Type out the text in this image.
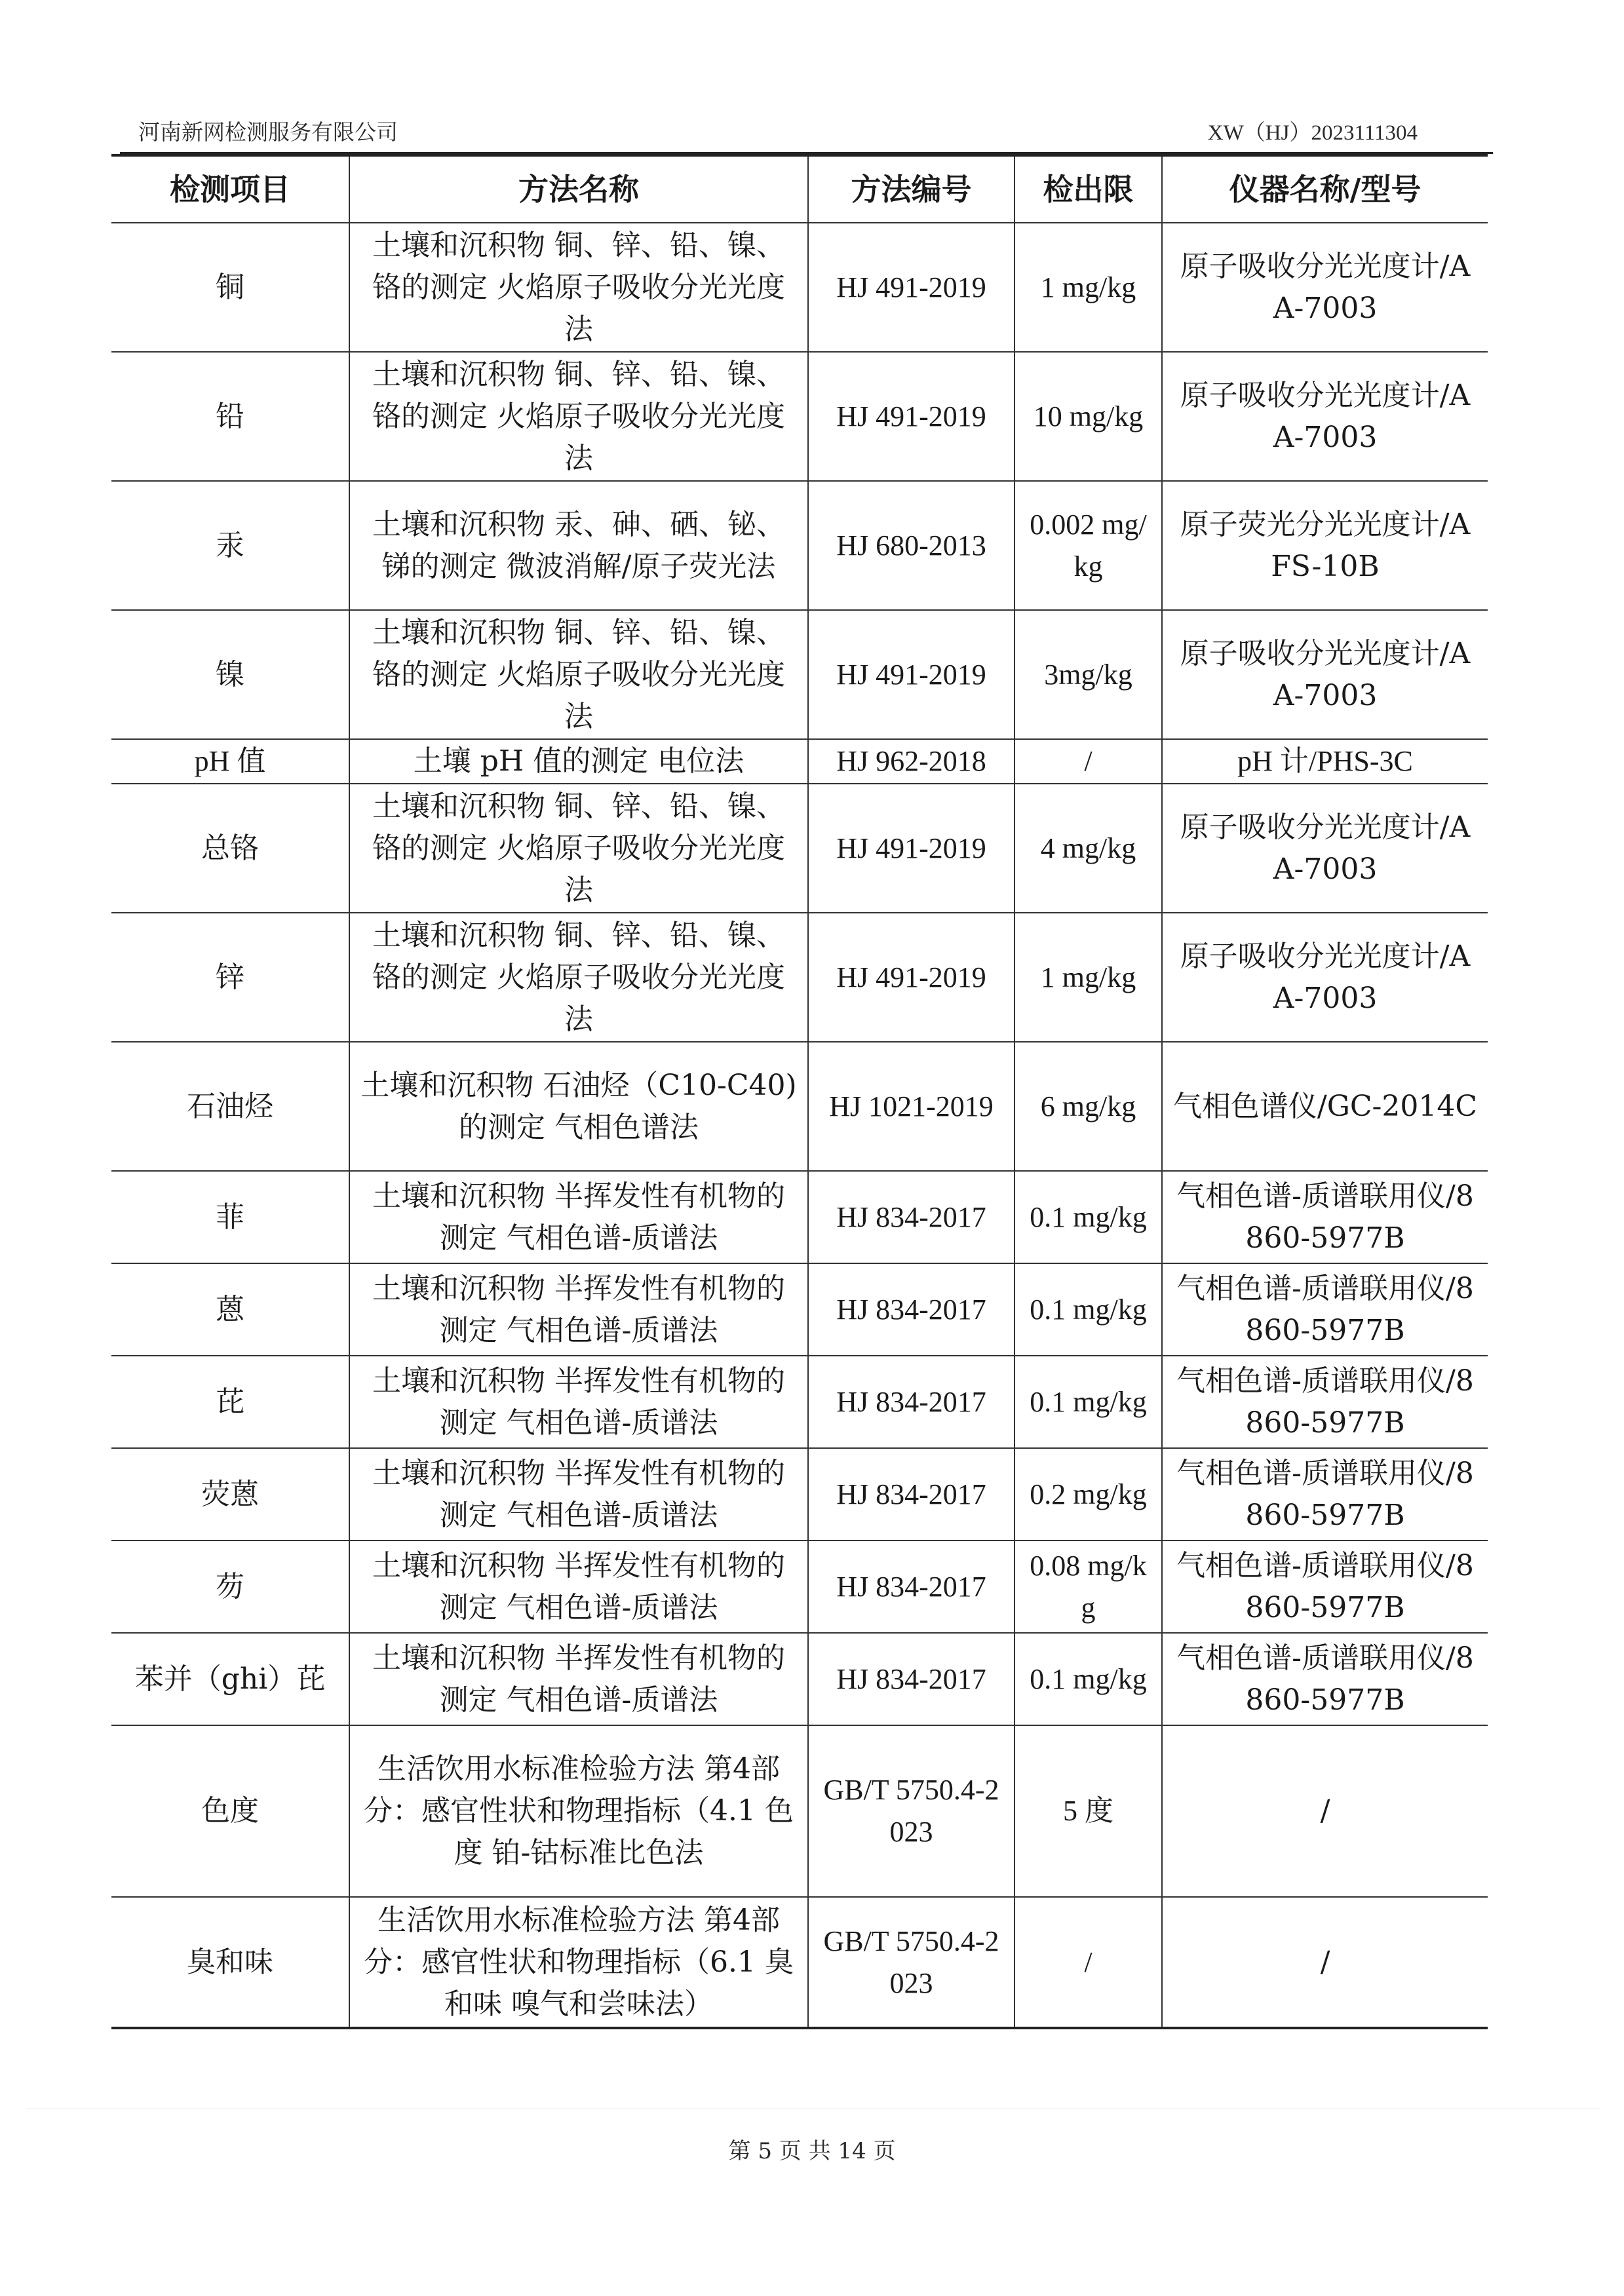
河南新网检测服务有限公司	XW（HJ）2023111304
检测项目	方法名称	方法编号	检出限	仪器名称/型号
铜	土壤和沉积物 铜、锌、铅、镍、铬的测定 火焰原子吸收分光光度法	HJ 491-2019	1 mg/kg	原子吸收分光光度计/AA-7003
铅	土壤和沉积物 铜、锌、铅、镍、铬的测定 火焰原子吸收分光光度法	HJ 491-2019	10 mg/kg	原子吸收分光光度计/AA-7003
汞	土壤和沉积物 汞、砷、硒、铋、锑的测定 微波消解/原子荧光法	HJ 680-2013	0.002 mg/kg	原子荧光分光光度计/AFS-10B
镍	土壤和沉积物 铜、锌、铅、镍、铬的测定 火焰原子吸收分光光度法	HJ 491-2019	3mg/kg	原子吸收分光光度计/AA-7003
pH 值	土壤 pH 值的测定 电位法	HJ 962-2018	/	pH 计/PHS-3C
总铬	土壤和沉积物 铜、锌、铅、镍、铬的测定 火焰原子吸收分光光度法	HJ 491-2019	4 mg/kg	原子吸收分光光度计/AA-7003
锌	土壤和沉积物 铜、锌、铅、镍、铬的测定 火焰原子吸收分光光度法	HJ 491-2019	1 mg/kg	原子吸收分光光度计/AA-7003
石油烃	土壤和沉积物 石油烃（C10-C40)的测定 气相色谱法	HJ 1021-2019	6 mg/kg	气相色谱仪/GC-2014C
菲	土壤和沉积物 半挥发性有机物的测定 气相色谱-质谱法	HJ 834-2017	0.1 mg/kg	气相色谱-质谱联用仪/8860-5977B
蒽	土壤和沉积物 半挥发性有机物的测定 气相色谱-质谱法	HJ 834-2017	0.1 mg/kg	气相色谱-质谱联用仪/8860-5977B
芘	土壤和沉积物 半挥发性有机物的测定 气相色谱-质谱法	HJ 834-2017	0.1 mg/kg	气相色谱-质谱联用仪/8860-5977B
荧蒽	土壤和沉积物 半挥发性有机物的测定 气相色谱-质谱法	HJ 834-2017	0.2 mg/kg	气相色谱-质谱联用仪/8860-5977B
芴	土壤和沉积物 半挥发性有机物的测定 气相色谱-质谱法	HJ 834-2017	0.08 mg/kg	气相色谱-质谱联用仪/8860-5977B
苯并（ghi）芘	土壤和沉积物 半挥发性有机物的测定 气相色谱-质谱法	HJ 834-2017	0.1 mg/kg	气相色谱-质谱联用仪/8860-5977B
色度	生活饮用水标准检验方法 第4部分：感官性状和物理指标（4.1 色度 铂-钴标准比色法	GB/T 5750.4-2023	5 度	/
臭和味	生活饮用水标准检验方法 第4部分：感官性状和物理指标（6.1 臭和味 嗅气和尝味法）	GB/T 5750.4-2023	/	/
第 5 页 共 14 页
